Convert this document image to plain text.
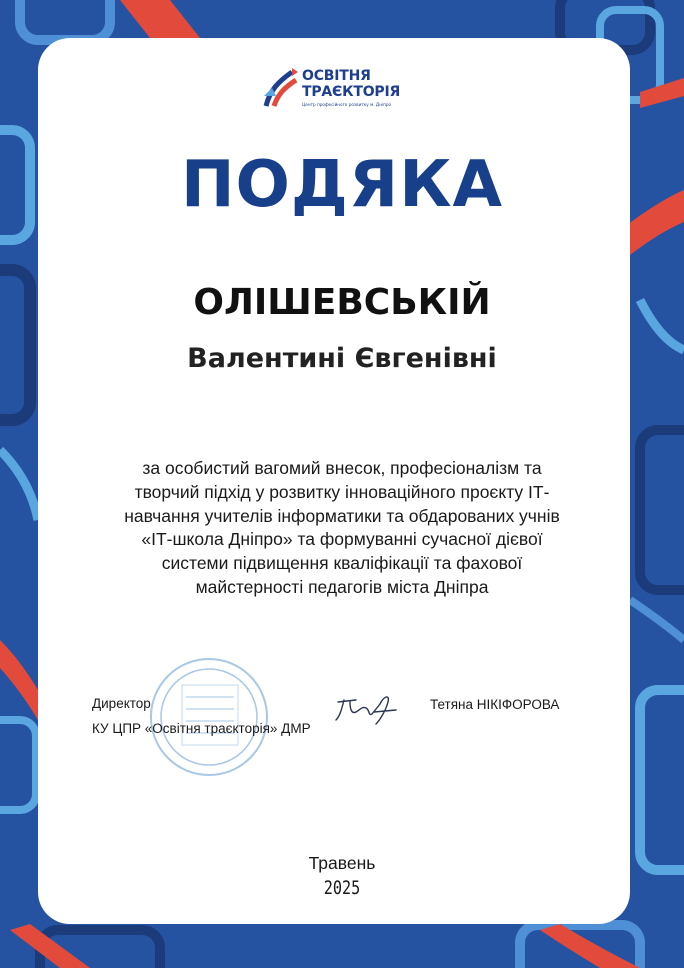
ОСВІТНЯ
ТРАЄКТОРІЯ
Центр професійного розвитку м. Дніпро
ПОДЯКА
ОЛІШЕВСЬКІЙ
Валентині Євгенівні
за особистий вагомий внесок, професіоналізм та
творчий підхід у розвитку інноваційного проєкту ІТ-
навчання учителів інформатики та обдарованих учнів
«ІТ-школа Дніпро» та формуванні сучасної дієвої
системи підвищення кваліфікації та фахової
майстерності педагогів міста Дніпра
Директор
КУ ЦПР «Освітня траєкторія» ДМР
Тетяна НІКІФОРОВА
Травень
2025
